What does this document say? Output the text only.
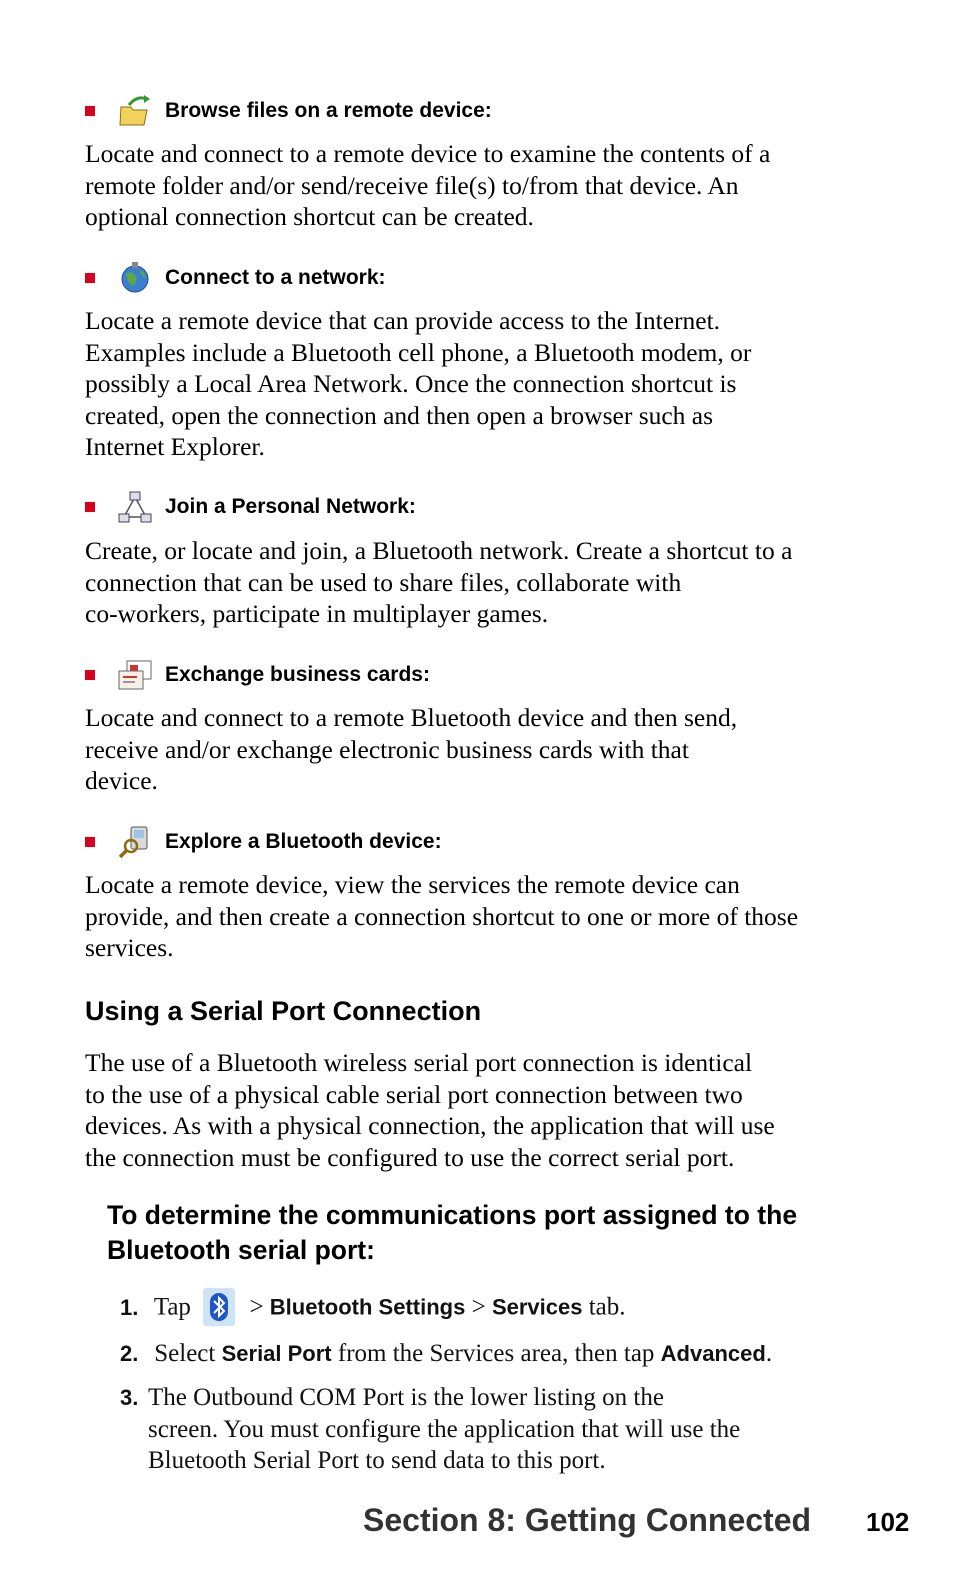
Browse files on a remote device:
Locate and connect to a remote device to examine the contents of a
remote folder and/or send/receive file(s) to/from that device. An
optional connection shortcut can be created.
Connect to a network:
Locate a remote device that can provide access to the Internet.
Examples include a Bluetooth cell phone, a Bluetooth modem, or
possibly a Local Area Network. Once the connection shortcut is
created, open the connection and then open a browser such as
Internet Explorer.
Join a Personal Network:
Create, or locate and join, a Bluetooth network. Create a shortcut to a
connection that can be used to share files, collaborate with
co-workers, participate in multiplayer games.
Exchange business cards:
Locate and connect to a remote Bluetooth device and then send,
receive and/or exchange electronic business cards with that
device.
Explore a Bluetooth device:
Locate a remote device, view the services the remote device can
provide, and then create a connection shortcut to one or more of those
services.
Using a Serial Port Connection
The use of a Bluetooth wireless serial port connection is identical
to the use of a physical cable serial port connection between two
devices. As with a physical connection, the application that will use
the connection must be configured to use the correct serial port.
To determine the communications port assigned to the
Bluetooth serial port:
1. Tap > Bluetooth Settings > Services tab.
2. Select Serial Port from the Services area, then tap Advanced.
3. The Outbound COM Port is the lower listing on the
screen. You must configure the application that will use the
Bluetooth Serial Port to send data to this port.
Section 8: Getting Connected 102
